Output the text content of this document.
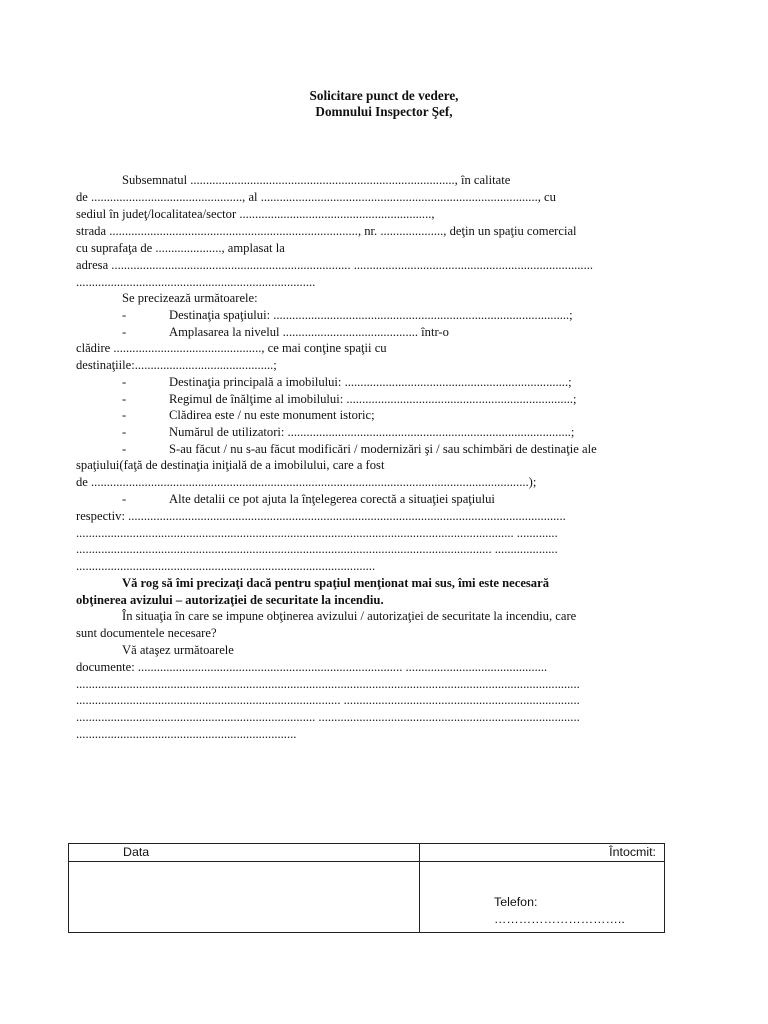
Solicitare punct de vedere,
Domnului Inspector Şef,
Subsemnatul ...................................................................................., în calitate
de ................................................, al ........................................................................................, cu
sediul în judeţ/localitatea/sector .............................................................,
strada ..............................................................................., nr. ...................., deţin un spaţiu comercial
cu suprafaţa de ....................., amplasat la
adresa ............................................................................ ............................................................................
............................................................................
Se precizează următoarele:
-	Destinaţia spaţiului: ..............................................................................................;
-	Amplasarea la nivelul ........................................... într-o
clădire ..............................................., ce mai conţine spaţii cu
destinaţiile:............................................;
-	Destinaţia principală a imobilului: .......................................................................;
-	Regimul de înălţime al imobilului: ........................................................................;
-	Clădirea este / nu este monument istoric;
-	Numărul de utilizatori: ..........................................................................................;
-	S-au făcut / nu s-au făcut modificări / modernizări şi / sau schimbări de destinaţie ale
spaţiului(faţă de destinaţia iniţială de a imobilului, care a fost
de ...........................................................................................................................................);
-	Alte detalii ce pot ajuta la înţelegerea corectă a situaţiei spaţiului
respectiv: ...........................................................................................................................................
........................................................................................................................................... .............
.................................................................................................................................... ....................
...............................................................................................
Vă rog să îmi precizaţi dacă pentru spaţiul menţionat mai sus, îmi este necesară
obţinerea avizului – autorizaţiei de securitate la incendiu.
În situaţia în care se impune obţinerea avizului / autorizaţiei de securitate la incendiu, care
sunt documentele necesare?
Vă ataşez următoarele
documente: .................................................................................... .............................................
................................................................................................................................................................
.................................................................................... ...........................................................................
............................................................................ ...................................................................................
......................................................................
Data	Întocmit:
	Telefon: …………………………..
